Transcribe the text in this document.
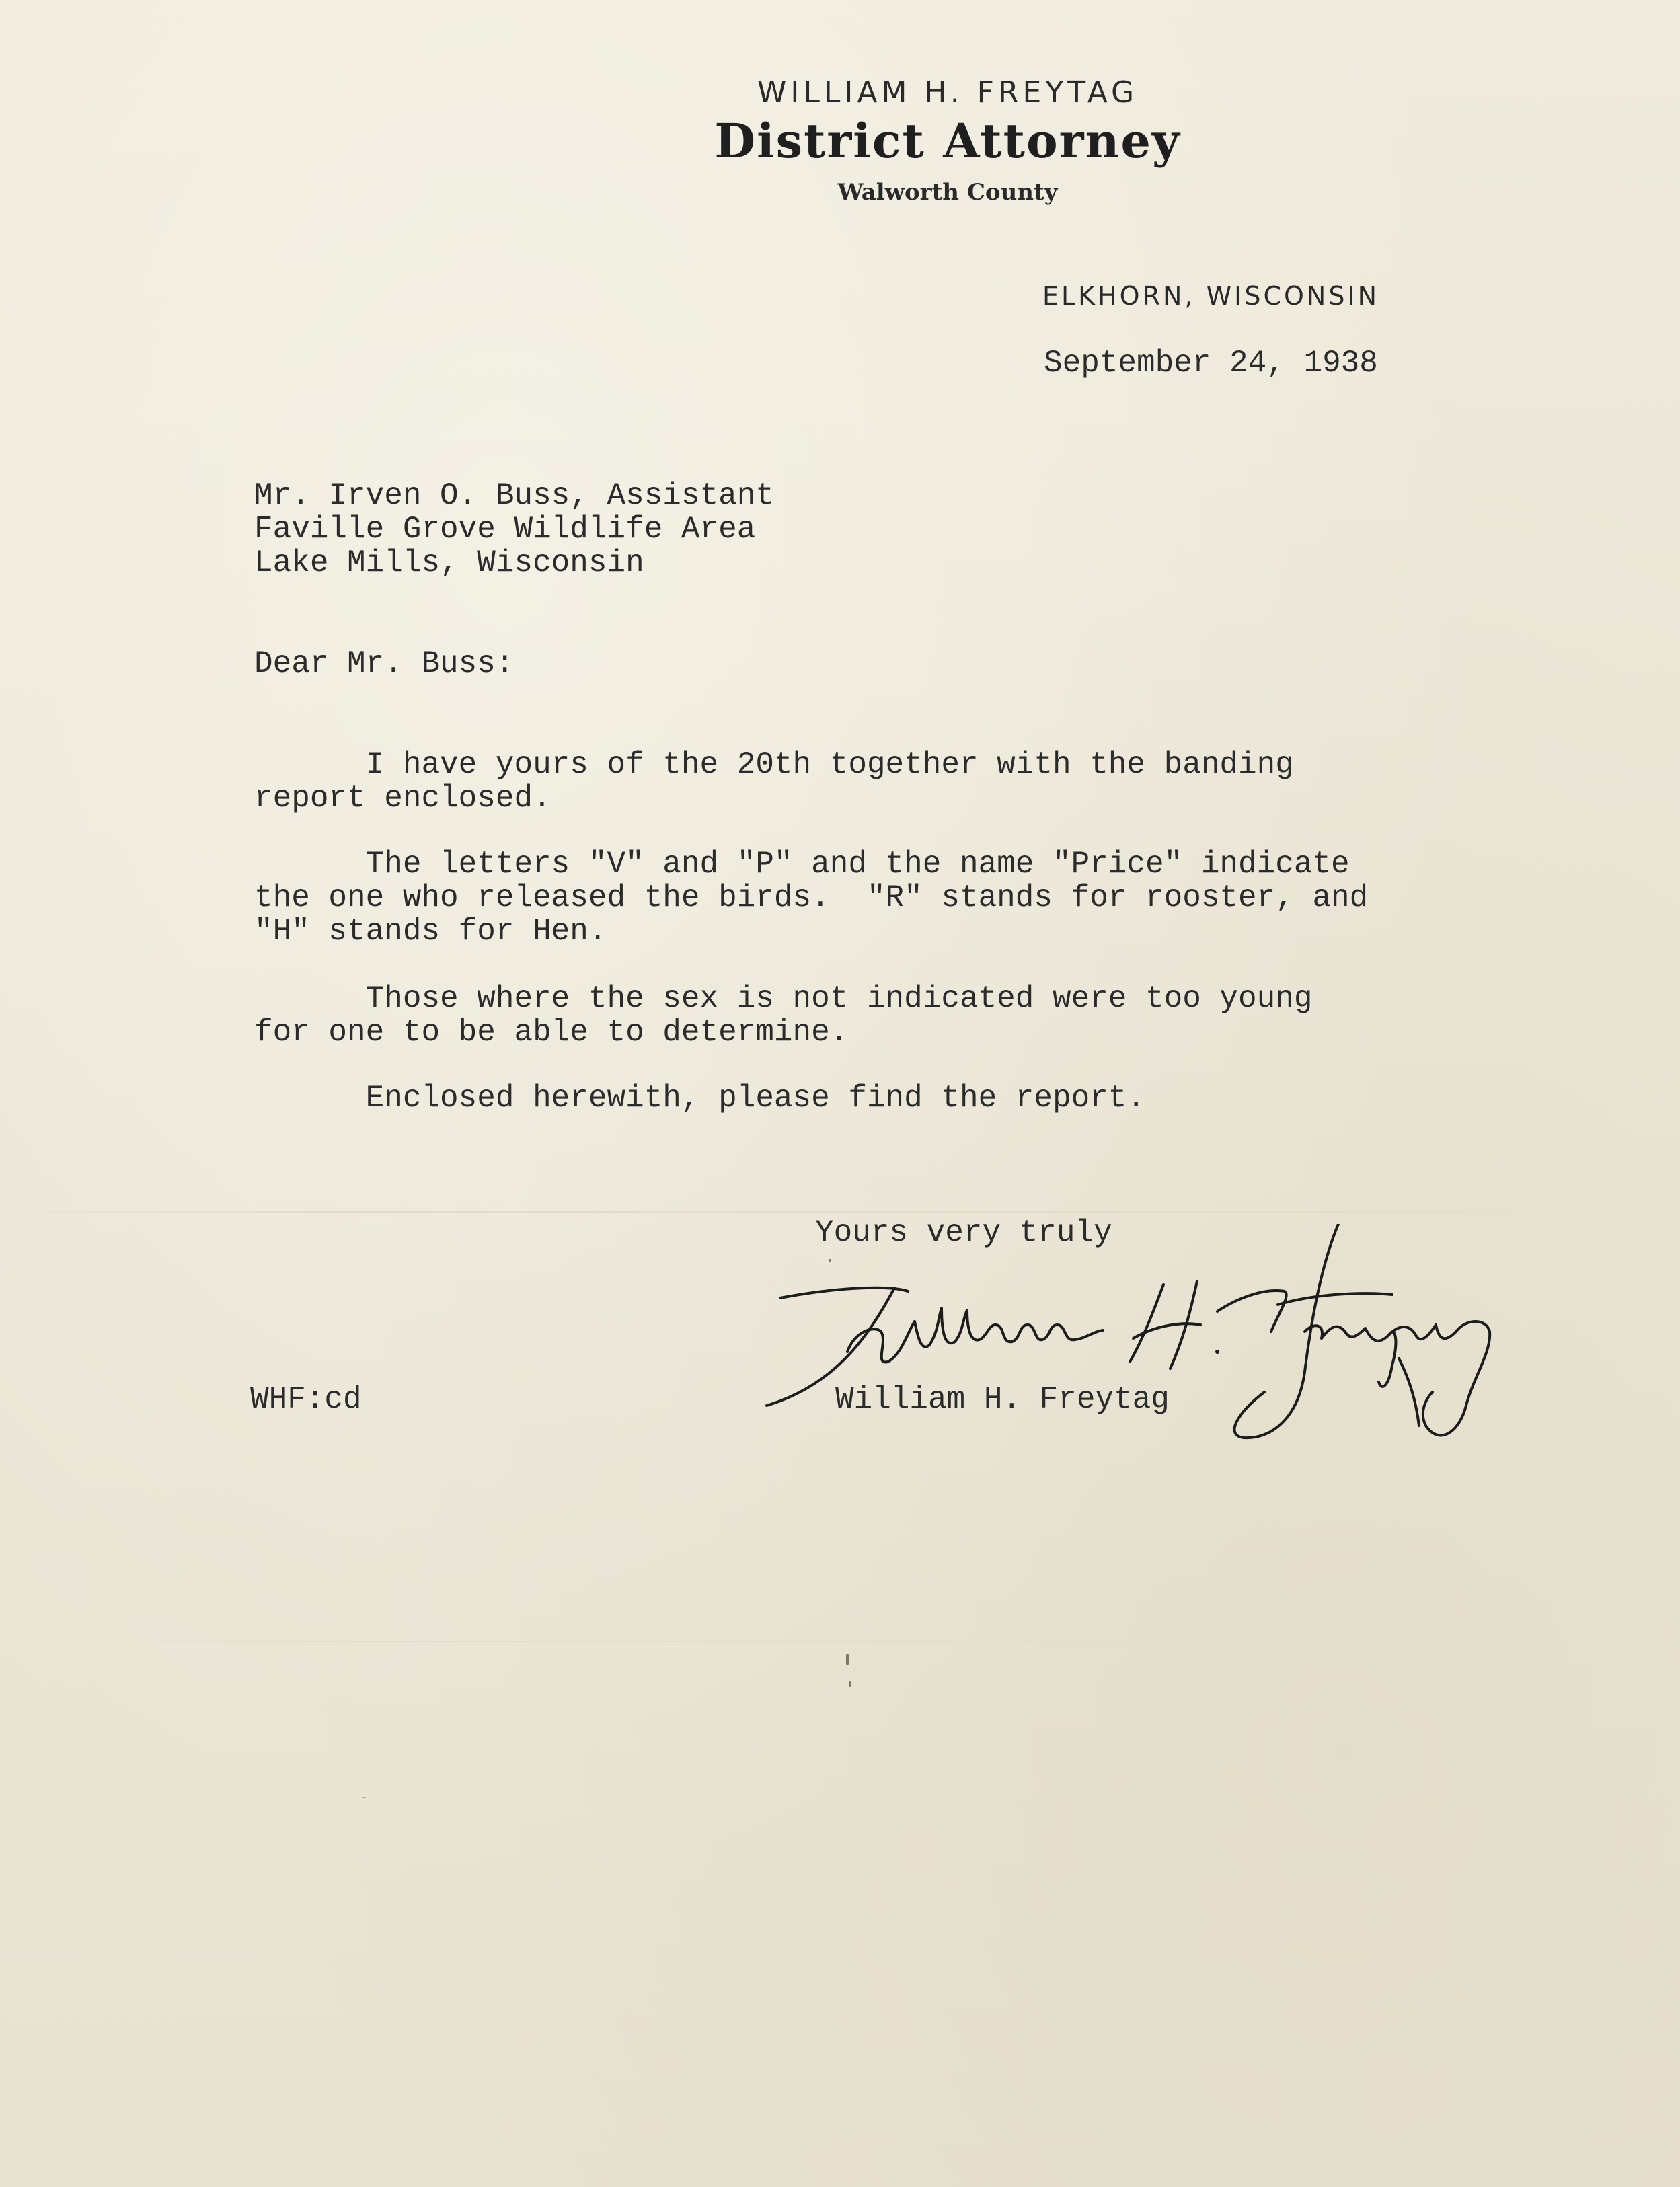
WILLIAM H. FREYTAG
District Attorney
Walworth County
ELKHORN, WISCONSIN
September 24, 1938
Mr. Irven O. Buss, Assistant
Faville Grove Wildlife Area
Lake Mills, Wisconsin
Dear Mr. Buss:
I have yours of the 20th together with the banding
report enclosed.
The letters "V" and "P" and the name "Price" indicate
the one who released the birds.  "R" stands for rooster, and
"H" stands for Hen.
Those where the sex is not indicated were too young
for one to be able to determine.
Enclosed herewith, please find the report.
Yours very truly
WHF:cd	William H. Freytag
